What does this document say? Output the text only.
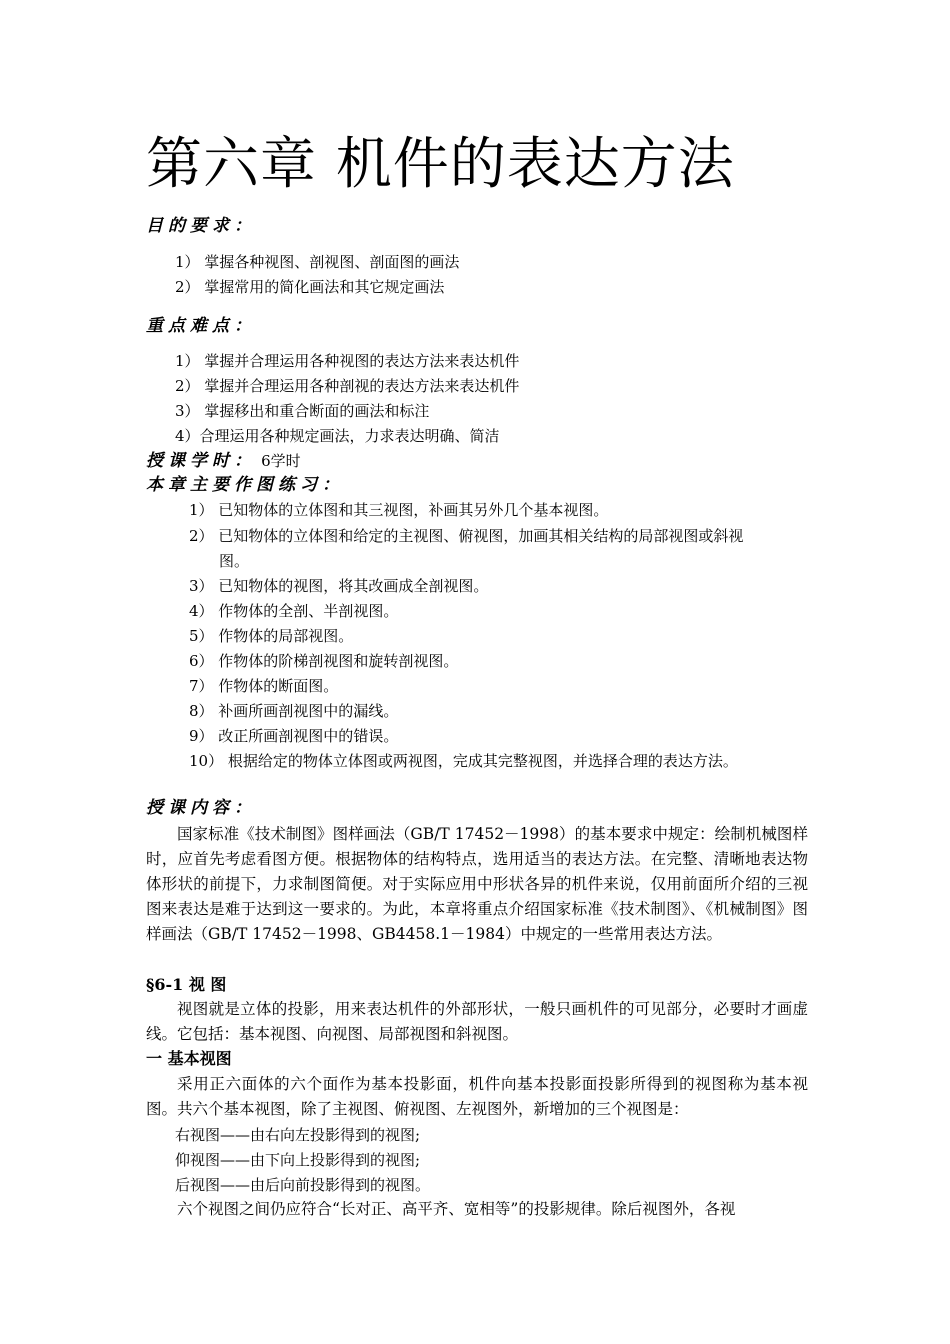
第六章 机件的表达方法
目的要求：
1） 掌握各种视图、剖视图、剖面图的画法
2） 掌握常用的简化画法和其它规定画法
重点难点：
1） 掌握并合理运用各种视图的表达方法来表达机件
2） 掌握并合理运用各种剖视的表达方法来表达机件
3） 掌握移出和重合断面的画法和标注
4）合理运用各种规定画法，力求表达明确、简洁
授课学时： 6学时
本章主要作图练习：
1） 已知物体的立体图和其三视图，补画其另外几个基本视图。
2） 已知物体的立体图和给定的主视图、俯视图，加画其相关结构的局部视图或斜视
图。
3） 已知物体的视图，将其改画成全剖视图。
4） 作物体的全剖、半剖视图。
5） 作物体的局部视图。
6） 作物体的阶梯剖视图和旋转剖视图。
7） 作物体的断面图。
8） 补画所画剖视图中的漏线。
9） 改正所画剖视图中的错误。
10） 根据给定的物体立体图或两视图，完成其完整视图，并选择合理的表达方法。
授课内容：
国家标准《技术制图》图样画法（GB/T 17452－1998）的基本要求中规定：绘制机械图样时，应首先考虑看图方便。根据物体的结构特点，选用适当的表达方法。在完整、清晰地表达物体形状的前提下，力求制图简便。对于实际应用中形状各异的机件来说，仅用前面所介绍的三视图来表达是难于达到这一要求的。为此，本章将重点介绍国家标准《技术制图》、《机械制图》图样画法（GB/T 17452－1998、GB4458.1－1984）中规定的一些常用表达方法。
§6-1 视 图
视图就是立体的投影，用来表达机件的外部形状，一般只画机件的可见部分，必要时才画虚线。它包括：基本视图、向视图、局部视图和斜视图。
一 基本视图
采用正六面体的六个面作为基本投影面，机件向基本投影面投影所得到的视图称为基本视图。共六个基本视图，除了主视图、俯视图、左视图外，新增加的三个视图是：
右视图——由右向左投影得到的视图;
仰视图——由下向上投影得到的视图;
后视图——由后向前投影得到的视图。
六个视图之间仍应符合“长对正、高平齐、宽相等”的投影规律。除后视图外，各视
